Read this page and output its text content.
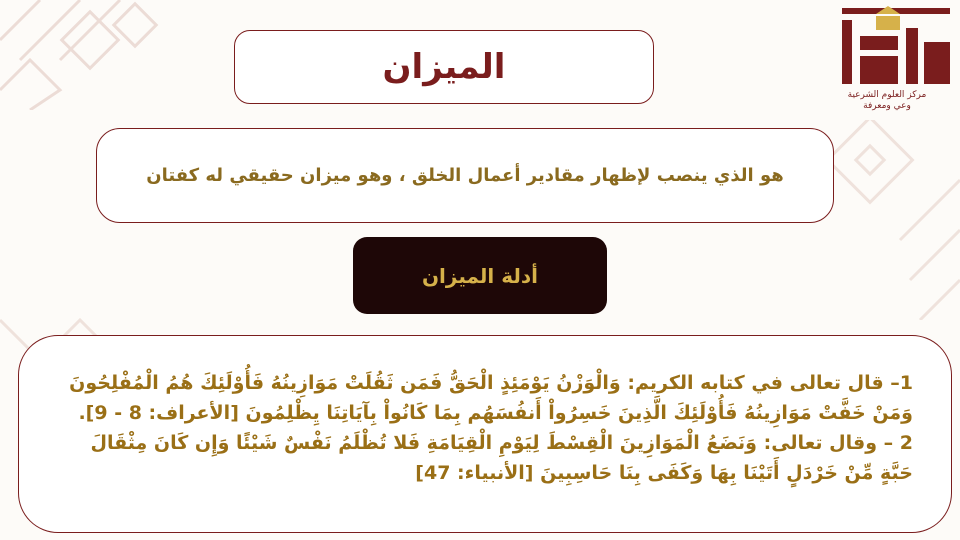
مركز العلوم الشرعية
وعي ومعرفة
الميزان
هو الذي ينصب لإظهار مقادير أعمال الخلق ، وهو ميزان حقيقي له كفتان
أدلة الميزان

1– قال تعالى في كتابه الكريم: وَالْوَزْنُ يَوْمَئِذٍ الْحَقُّ فَمَن ثَقُلَتْ مَوَازِينُهُ فَأُوْلَئِكَ هُمُ الْمُفْلِحُونَ وَمَنْ خَفَّتْ مَوَازِينُهُ فَأُوْلَئِكَ الَّذِينَ خَسِرُواْ أَنفُسَهُم بِمَا كَانُواْ بِآيَاتِنَا يِظْلِمُونَ [الأعراف: 8 - 9].

2 – وقال تعالى: وَنَضَعُ الْمَوَازِينَ الْقِسْطَ لِيَوْمِ الْقِيَامَةِ فَلا تُظْلَمُ نَفْسٌ شَيْئًا وَإِن كَانَ مِثْقَالَ حَبَّةٍ مِّنْ خَرْدَلٍ أَتَيْنَا بِهَا وَكَفَى بِنَا حَاسِبِينَ [الأنبياء: 47]
